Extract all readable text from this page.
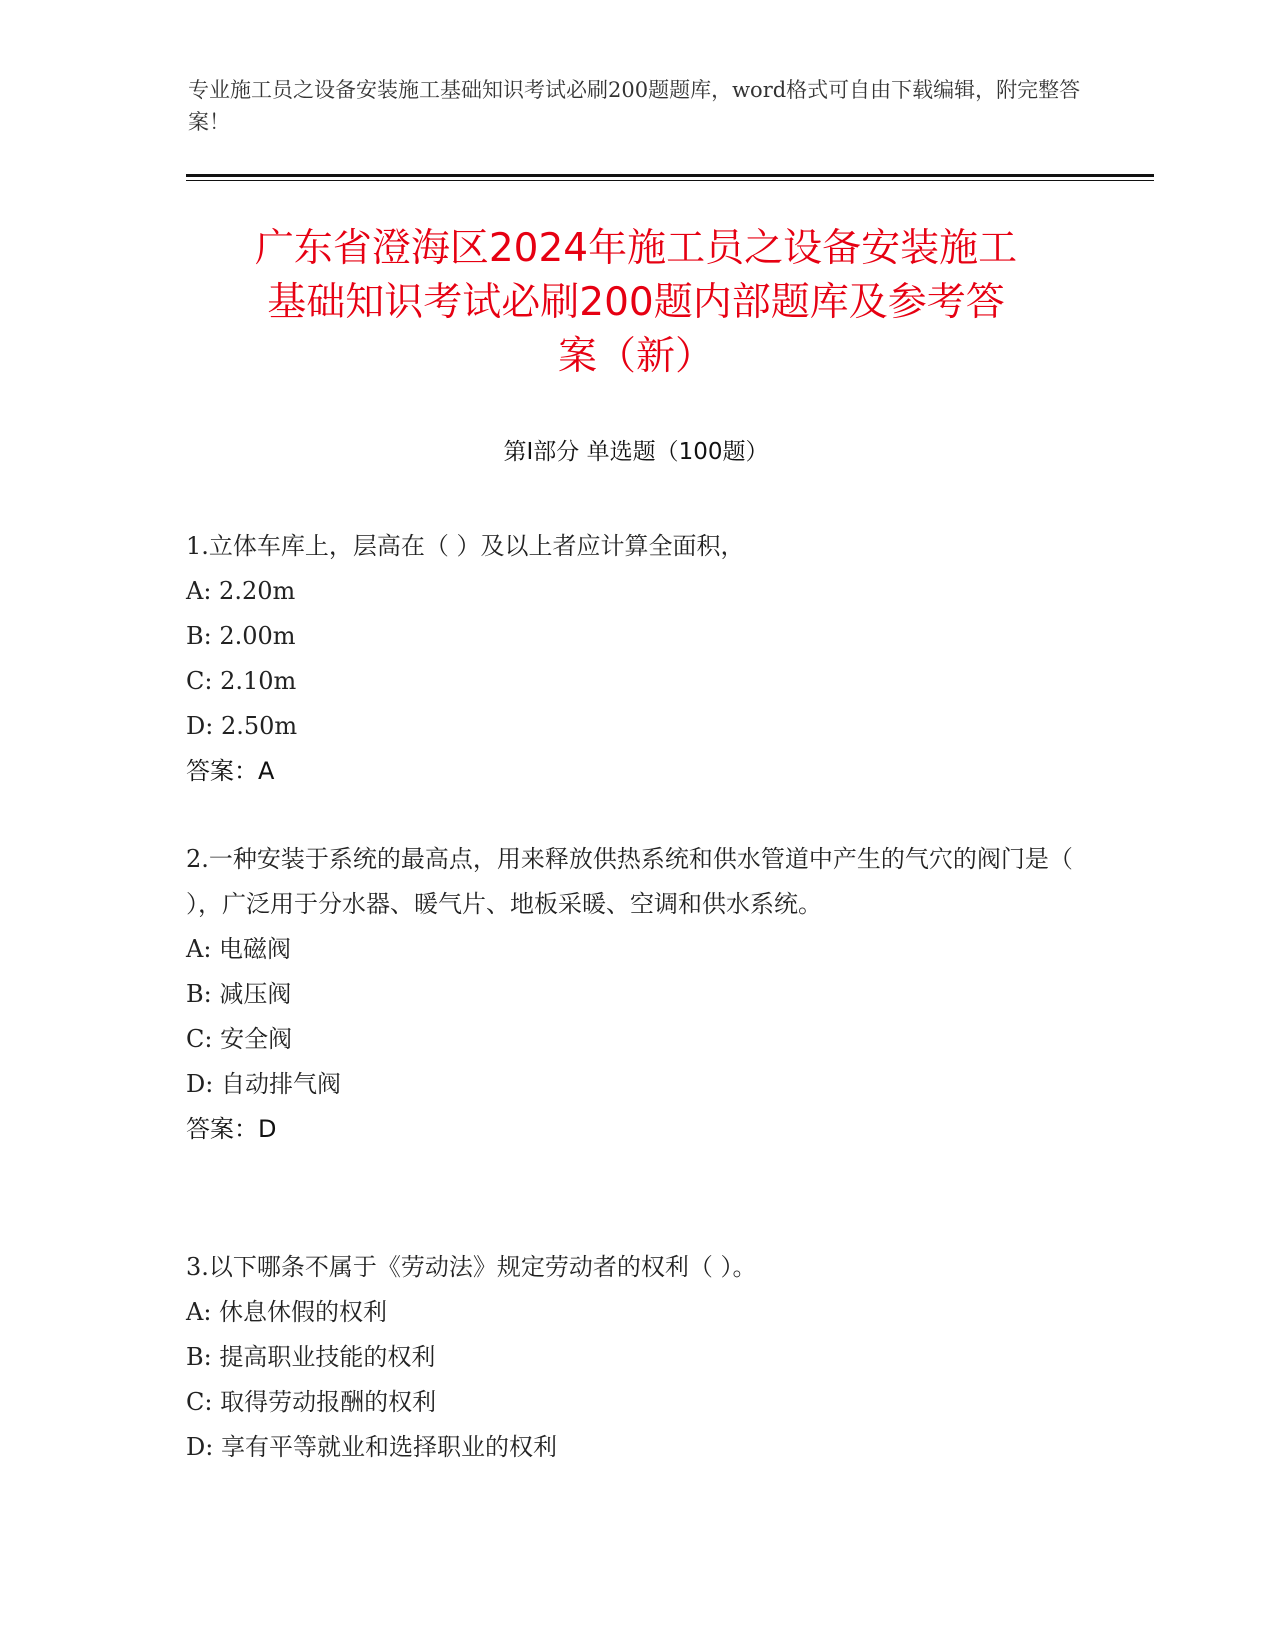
专业施工员之设备安装施工基础知识考试必刷200题题库，word格式可自由下载编辑，附完整答案！
广东省澄海区2024年施工员之设备安装施工
基础知识考试必刷200题内部题库及参考答
案（新）
第Ⅰ部分 单选题（100题）
1.立体车库上，层高在（ ）及以上者应计算全面积，
A: 2.20m
B: 2.00m
C: 2.10m
D: 2.50m
答案：A
2.一种安装于系统的最高点，用来释放供热系统和供水管道中产生的气穴的阀门是（ ），广泛用于分水器、暖气片、地板采暖、空调和供水系统。
A: 电磁阀
B: 减压阀
C: 安全阀
D: 自动排气阀
答案：D
3.以下哪条不属于《劳动法》规定劳动者的权利（ ）。
A: 休息休假的权利
B: 提高职业技能的权利
C: 取得劳动报酬的权利
D: 享有平等就业和选择职业的权利
